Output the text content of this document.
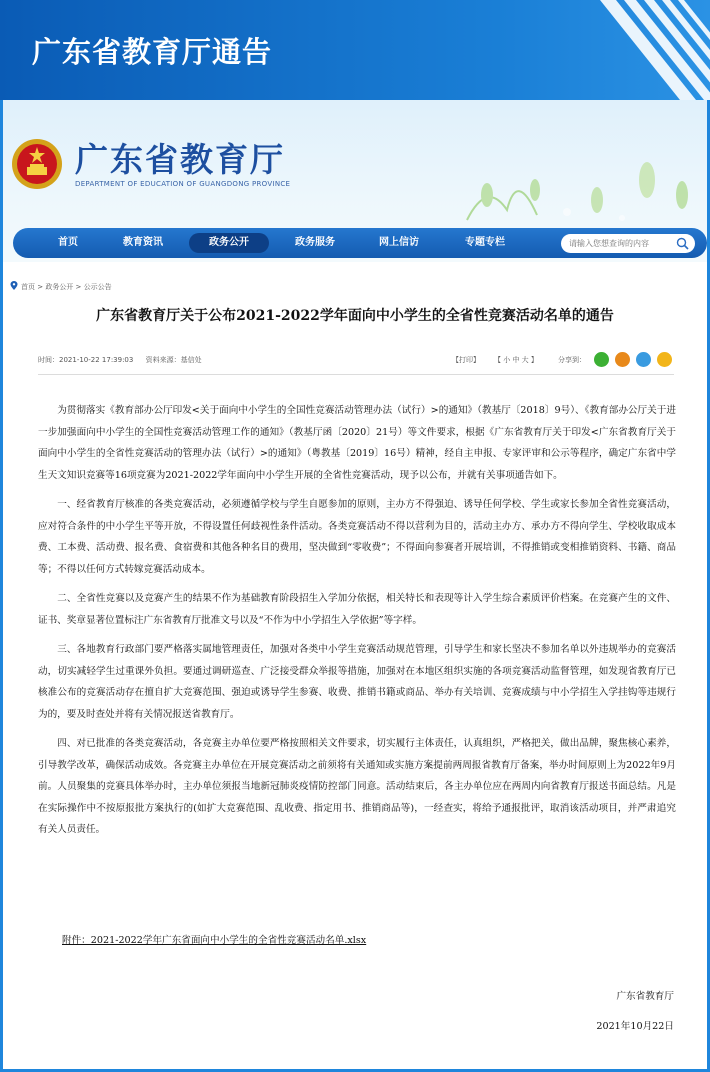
广东省教育厅通告
广东省教育厅
DEPARTMENT OF EDUCATION OF GUANGDONG PROVINCE
首页	教育资讯	政务公开	政务服务	网上信访	专题专栏
请输入您想查询的内容
首页 > 政务公开 > 公示公告
广东省教育厅关于公布2021-2022学年面向中小学生的全省性竞赛活动名单的通告
时间：2021-10-22 17:39:03 资料来源：基信处	【打印】 【 小 中 大 】	分享到：

为贯彻落实《教育部办公厅印发<关于面向中小学生的全国性竞赛活动管理办法（试行）>的通知》（教基厅〔2018〕9号）、《教育部办公厅关于进一步加强面向中小学生的全国性竞赛活动管理工作的通知》（教基厅函〔2020〕21号）等文件要求，根据《广东省教育厅关于印发<广东省教育厅关于面向中小学生的全省性竞赛活动的管理办法（试行）>的通知》（粤教基〔2019〕16号）精神，经自主申报、专家评审和公示等程序，确定广东省中学生天文知识竞赛等16项竞赛为2021-2022学年面向中小学生开展的全省性竞赛活动，现予以公布，并就有关事项通告如下。

一、经省教育厅核准的各类竞赛活动，必须遵循学校与学生自愿参加的原则，主办方不得强迫、诱导任何学校、学生或家长参加全省性竞赛活动，应对符合条件的中小学生平等开放，不得设置任何歧视性条件活动。各类竞赛活动不得以营利为目的，活动主办方、承办方不得向学生、学校收取成本费、工本费、活动费、报名费、食宿费和其他各种名目的费用，坚决做到“零收费”；不得面向参赛者开展培训，不得推销或变相推销资料、书籍、商品等；不得以任何方式转嫁竞赛活动成本。

二、全省性竞赛以及竞赛产生的结果不作为基础教育阶段招生入学加分依据，相关特长和表现等计入学生综合素质评价档案。在竞赛产生的文件、证书、奖章显著位置标注广东省教育厅批准文号以及“不作为中小学招生入学依据”等字样。

三、各地教育行政部门要严格落实属地管理责任，加强对各类中小学生竞赛活动规范管理，引导学生和家长坚决不参加名单以外违规举办的竞赛活动，切实减轻学生过重课外负担。要通过调研巡查、广泛接受群众举报等措施，加强对在本地区组织实施的各项竞赛活动监督管理，如发现省教育厅已核准公布的竞赛活动存在擅自扩大竞赛范围、强迫或诱导学生参赛、收费、推销书籍或商品、举办有关培训、竞赛成绩与中小学招生入学挂钩等违规行为的，要及时查处并将有关情况报送省教育厅。

四、对已批准的各类竞赛活动，各竞赛主办单位要严格按照相关文件要求，切实履行主体责任，认真组织，严格把关，做出品牌，聚焦核心素养，引导教学改革，确保活动成效。各竞赛主办单位在开展竞赛活动之前须将有关通知或实施方案提前两周报省教育厅备案，举办时间原则上为2022年9月前。人员聚集的竞赛具体举办时，主办单位须报当地新冠肺炎疫情防控部门同意。活动结束后，各主办单位应在两周内向省教育厅报送书面总结。凡是在实际操作中不按原报批方案执行的(如扩大竞赛范围、乱收费、指定用书、推销商品等)，一经查实，将给予通报批评，取消该活动项目，并严肃追究有关人员责任。

附件：2021-2022学年广东省面向中小学生的全省性竞赛活动名单.xlsx
广东省教育厅
2021年10月22日
